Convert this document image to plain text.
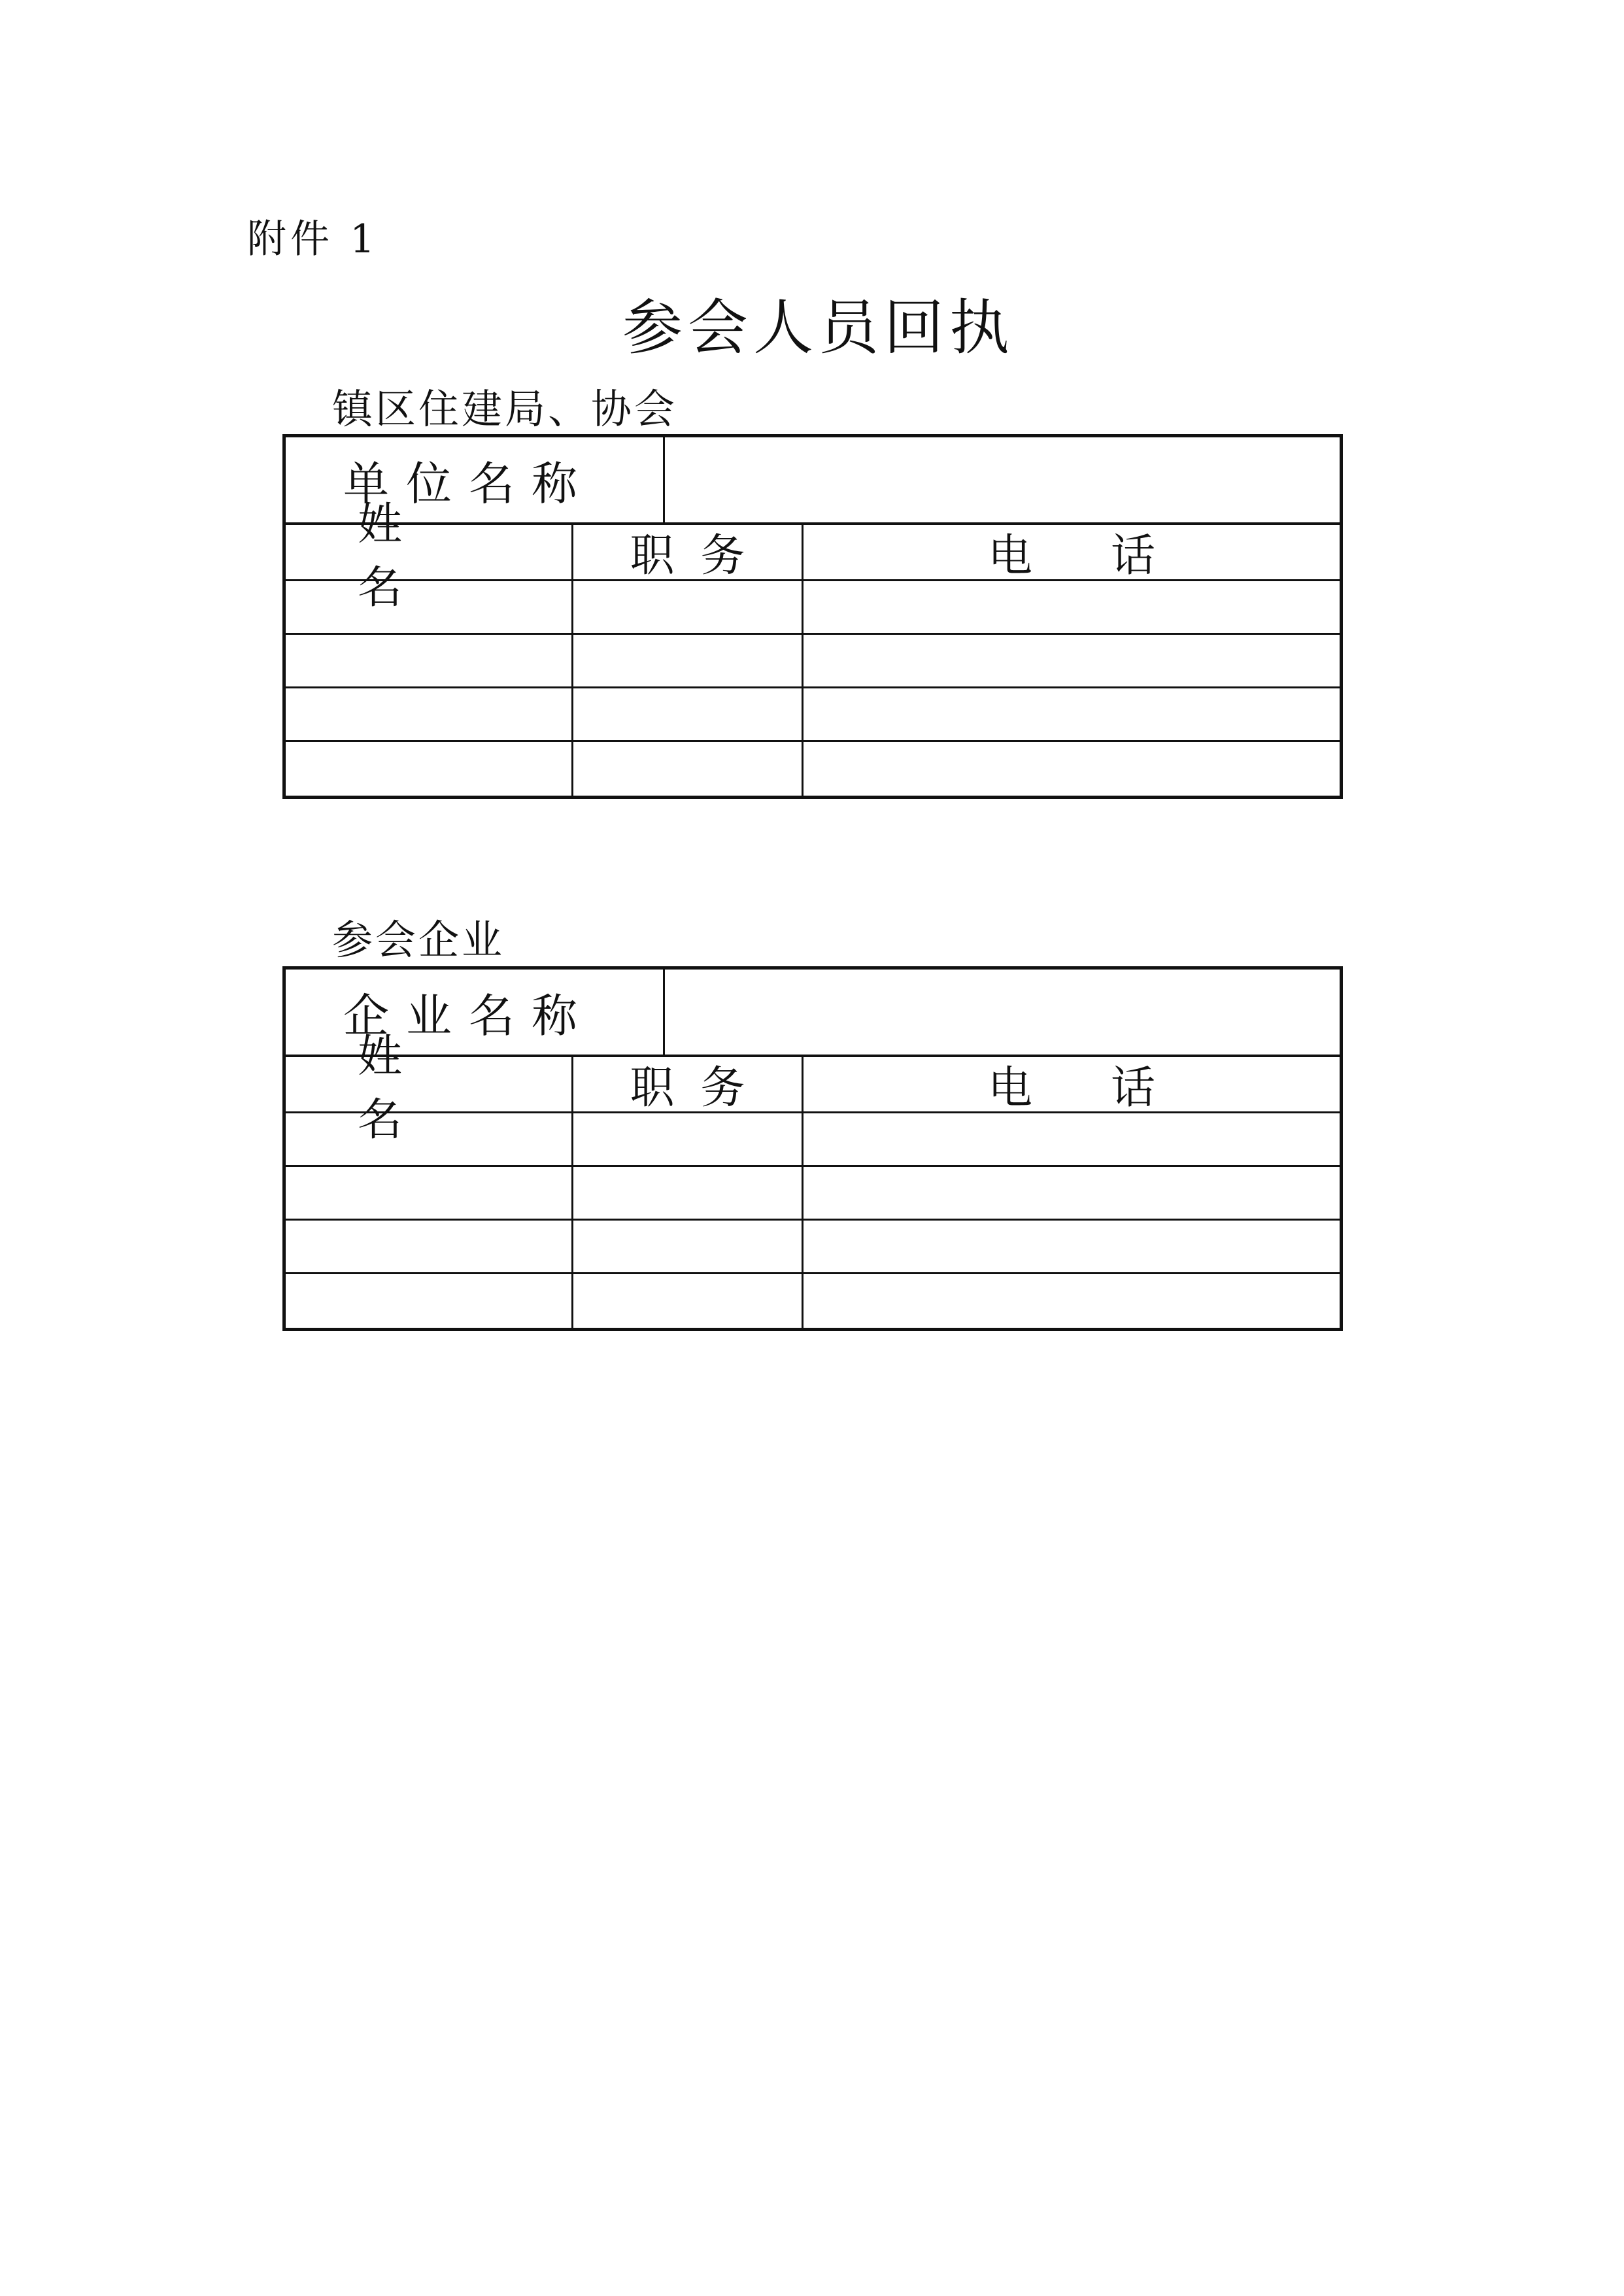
附件 1
参会人员回执
镇区住建局、协会
单位名称
姓名
职务	电话
参会企业
企业名称
姓名
职务	电话
